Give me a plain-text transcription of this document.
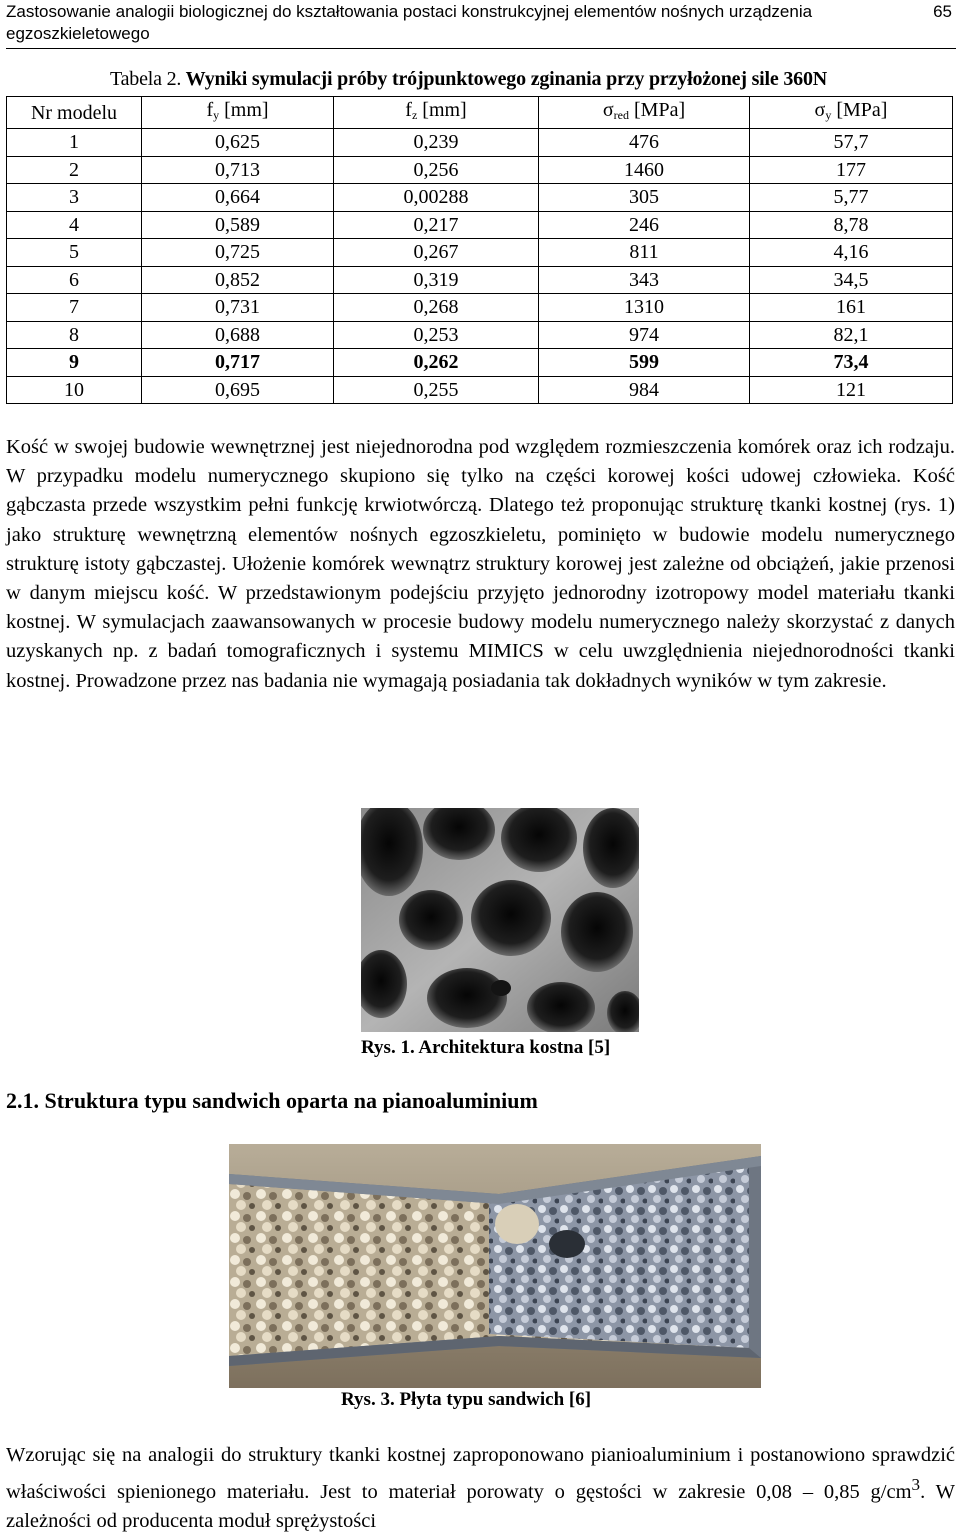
Zastosowanie analogii biologicznej do kształtowania postaci konstrukcyjnej elementów nośnych urządzenia egzoszkieletowego
65
Tabela 2. Wyniki symulacji próby trójpunktowego zginania przy przyłożonej sile 360N
Nr modelu	$f_y$ [mm]	$f_z$ [mm]	$\sigma_{red}$ [MPa]	$\sigma_y$ [MPa]
1	0,625	0,239	476	57,7
2	0,713	0,256	1460	177
3	0,664	0,00288	305	5,77
4	0,589	0,217	246	8,78
5	0,725	0,267	811	4,16
6	0,852	0,319	343	34,5
7	0,731	0,268	1310	161
8	0,688	0,253	974	82,1
9	0,717	0,262	599	73,4
10	0,695	0,255	984	121
Kość w swojej budowie wewnętrznej jest niejednorodna pod względem rozmieszczenia komórek oraz ich rodzaju. W przypadku modelu numerycznego skupiono się tylko na części korowej kości udowej człowieka. Kość gąbczasta przede wszystkim pełni funkcję krwiotwórczą. Dlatego też proponując strukturę tkanki kostnej (rys. 1) jako strukturę wewnętrzną elementów nośnych egzoszkieletu, pominięto w budowie modelu numerycznego strukturę istoty gąbczastej. Ułożenie komórek wewnątrz struktury korowej jest zależne od obciążeń, jakie przenosi w danym miejscu kość. W przedstawionym podejściu przyjęto jednorodny izotropowy model materiału tkanki kostnej. W symulacjach zaawansowanych w procesie budowy modelu numerycznego należy skorzystać z danych uzyskanych np. z badań tomograficznych i systemu MIMICS w celu uwzględnienia niejednorodności tkanki kostnej. Prowadzone przez nas badania nie wymagają posiadania tak dokładnych wyników w tym zakresie.
Rys. 1. Architektura kostna [5]
2.1. Struktura typu sandwich oparta na pianoaluminium
Rys. 3. Płyta typu sandwich [6]
Wzorując się na analogii do struktury tkanki kostnej zaproponowano pianioaluminium i postanowiono sprawdzić właściwości spienionego materiału. Jest to materiał porowaty o gęstości w zakresie 0,08 – 0,85 $g/cm^3$. W zależności od producenta moduł sprężystości
